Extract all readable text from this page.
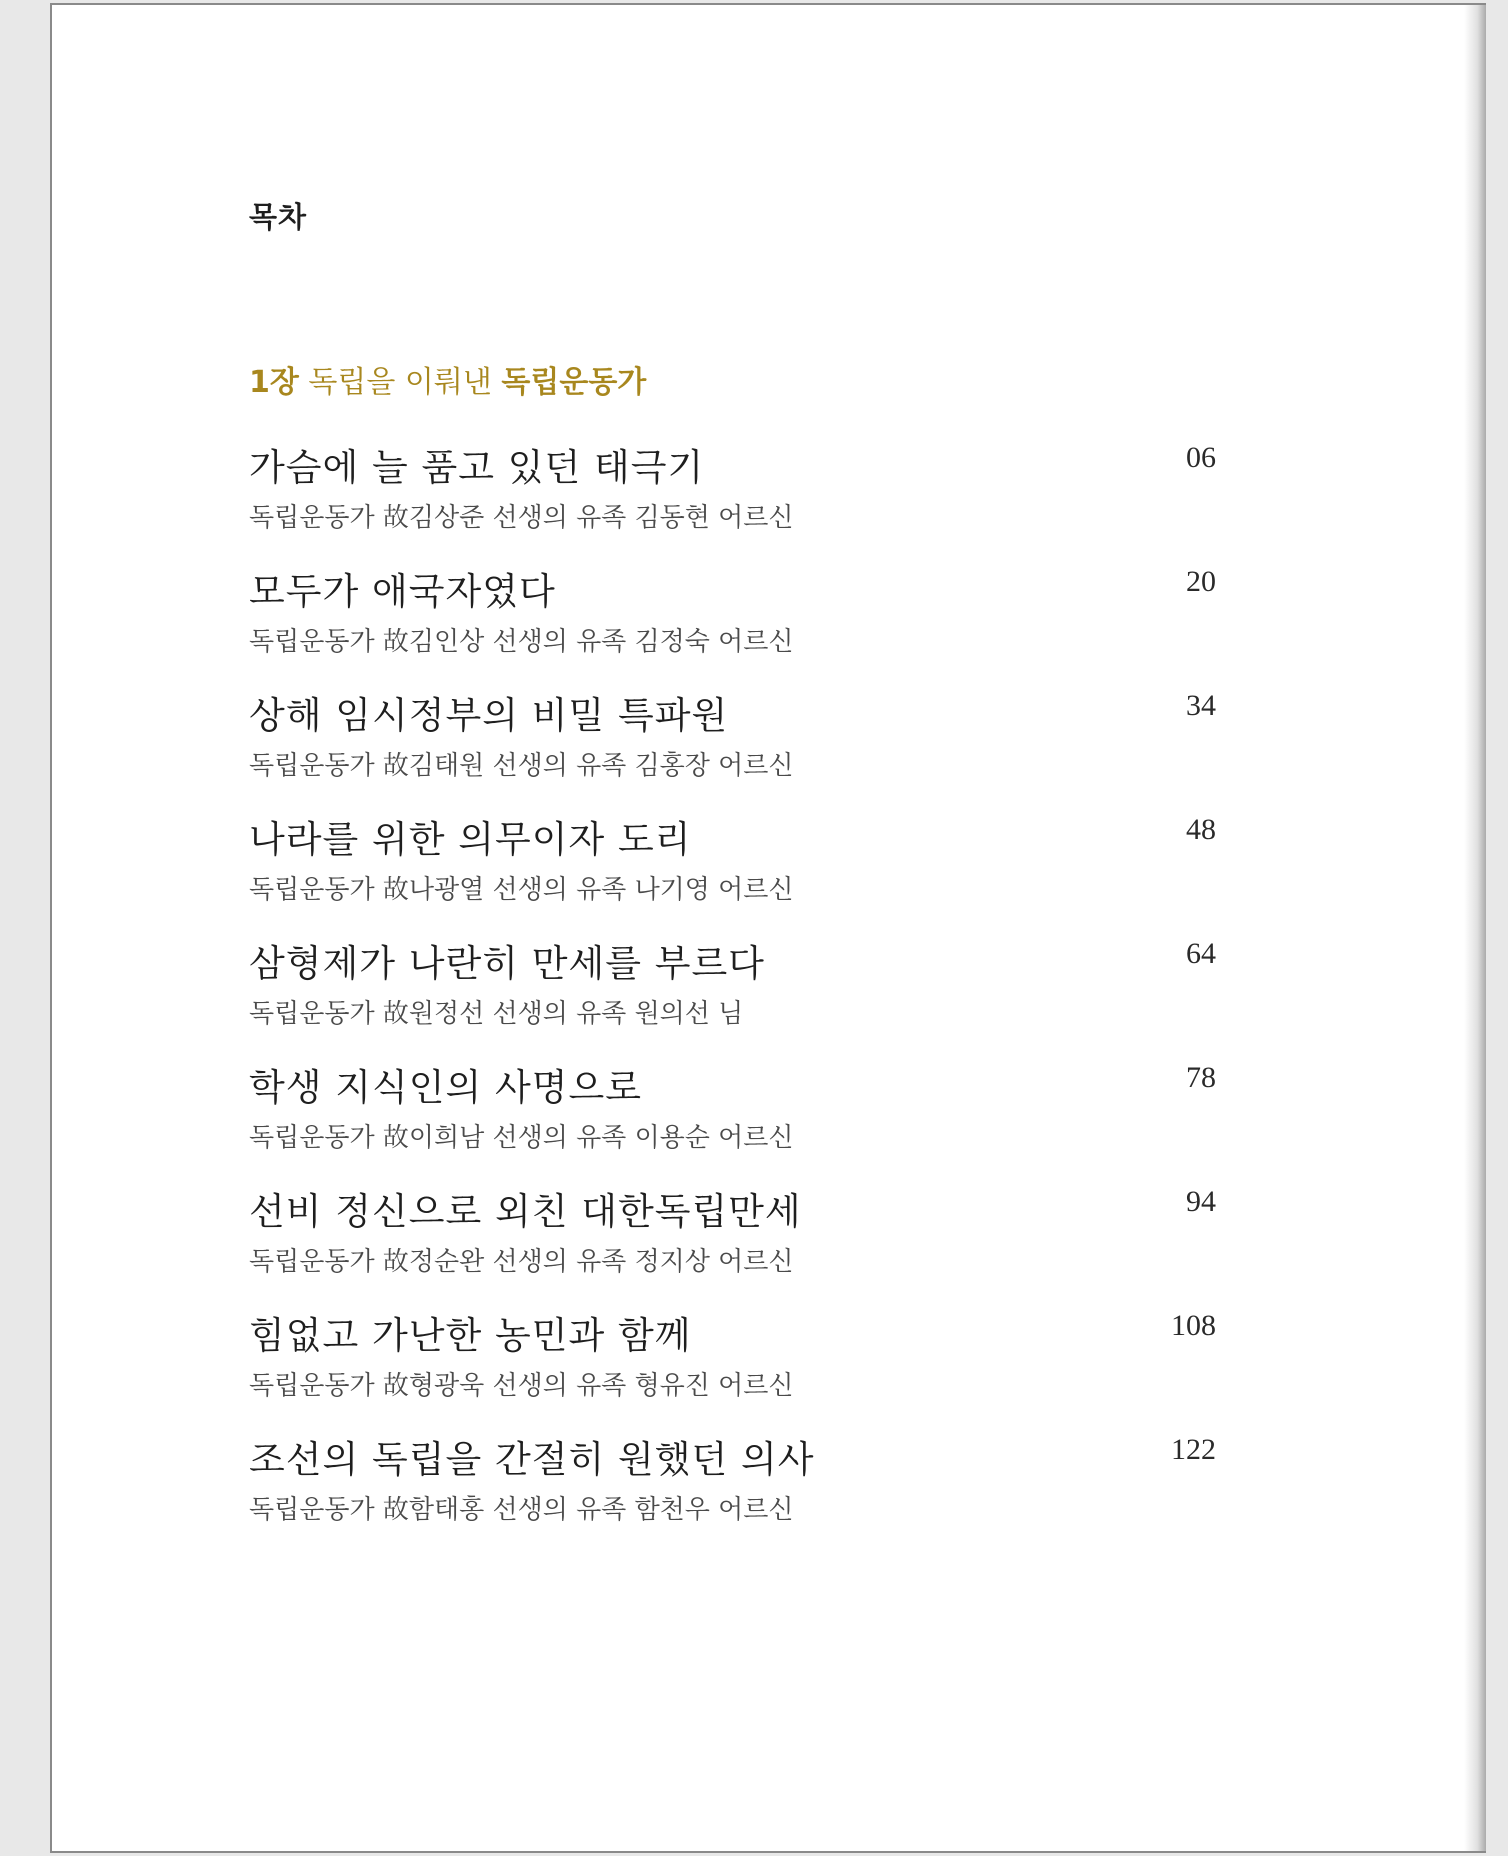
목차
1장 독립을 이뤄낸 독립운동가
가슴에 늘 품고 있던 태극기	06
독립운동가 故김상준 선생의 유족 김동현 어르신
모두가 애국자였다	20
독립운동가 故김인상 선생의 유족 김정숙 어르신
상해 임시정부의 비밀 특파원	34
독립운동가 故김태원 선생의 유족 김홍장 어르신
나라를 위한 의무이자 도리	48
독립운동가 故나광열 선생의 유족 나기영 어르신
삼형제가 나란히 만세를 부르다	64
독립운동가 故원정선 선생의 유족 원의선 님
학생 지식인의 사명으로	78
독립운동가 故이희남 선생의 유족 이용순 어르신
선비 정신으로 외친 대한독립만세	94
독립운동가 故정순완 선생의 유족 정지상 어르신
힘없고 가난한 농민과 함께	108
독립운동가 故형광욱 선생의 유족 형유진 어르신
조선의 독립을 간절히 원했던 의사	122
독립운동가 故함태홍 선생의 유족 함천우 어르신
